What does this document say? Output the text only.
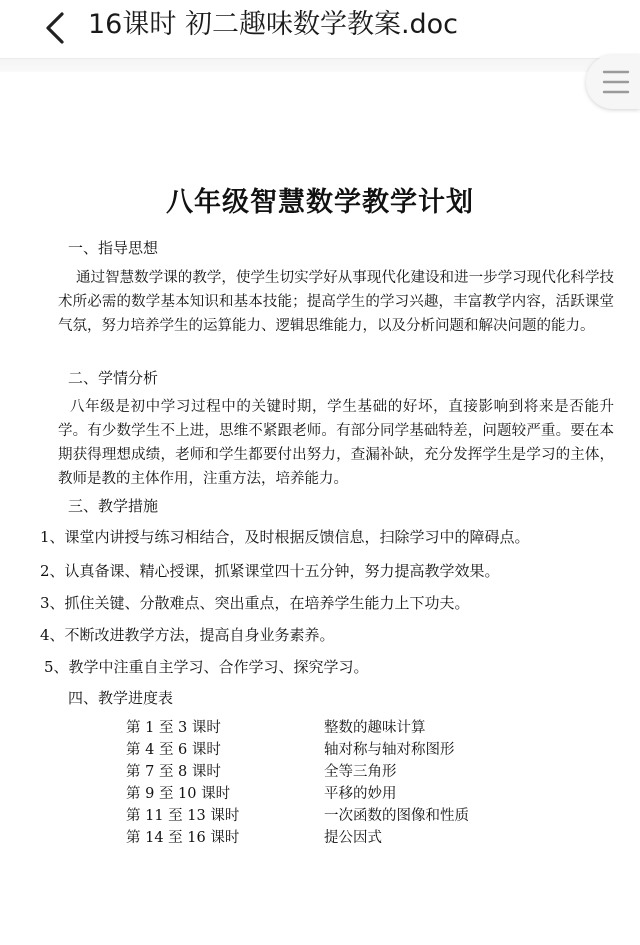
16课时 初二趣味数学教案.doc
八年级智慧数学教学计划
一、指导思想
通过智慧数学课的教学，使学生切实学好从事现代化建设和进一步学习现代化科学技术所必需的数学基本知识和基本技能；提高学生的学习兴趣，丰富教学内容，活跃课堂气氛，努力培养学生的运算能力、逻辑思维能力，以及分析问题和解决问题的能力。
二、学情分析
八年级是初中学习过程中的关键时期，学生基础的好坏，直接影响到将来是否能升学。有少数学生不上进，思维不紧跟老师。有部分同学基础特差，问题较严重。要在本期获得理想成绩，老师和学生都要付出努力，查漏补缺，充分发挥学生是学习的主体，教师是教的主体作用，注重方法，培养能力。
三、教学措施
1、课堂内讲授与练习相结合，及时根据反馈信息，扫除学习中的障碍点。
2、认真备课、精心授课，抓紧课堂四十五分钟，努力提高教学效果。
3、抓住关键、分散难点、突出重点，在培养学生能力上下功夫。
4、不断改进教学方法，提高自身业务素养。
5、教学中注重自主学习、合作学习、探究学习。
四、教学进度表
第 1 至 3 课时	整数的趣味计算
第 4 至 6 课时	轴对称与轴对称图形
第 7 至 8 课时	全等三角形
第 9 至 10 课时	平移的妙用
第 11 至 13 课时	一次函数的图像和性质
第 14 至 16 课时	提公因式
